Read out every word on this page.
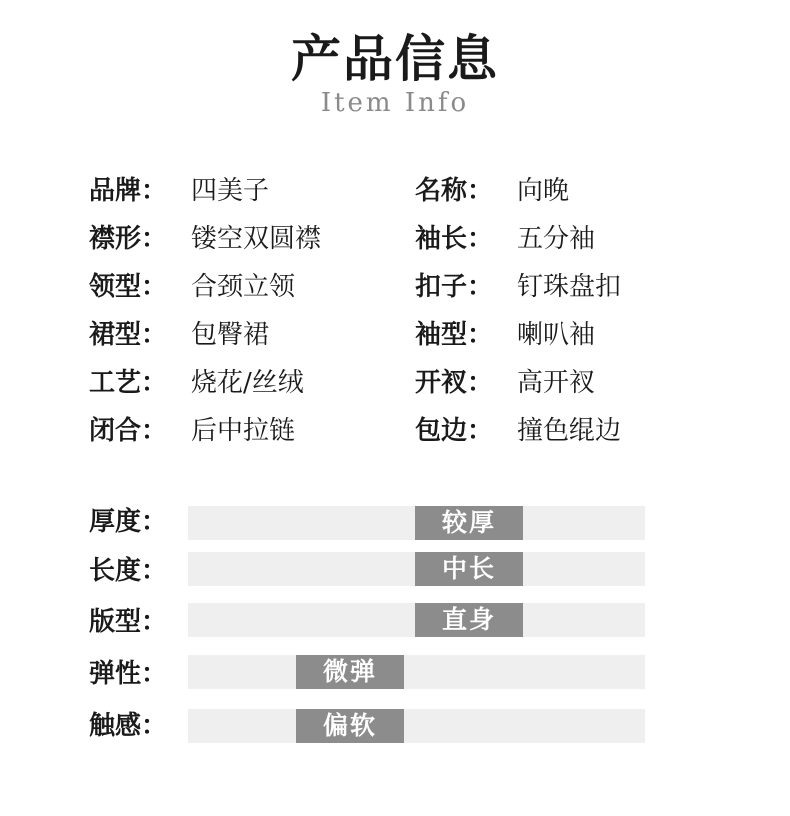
产品信息
Item Info
品牌： 四美子
襟形： 镂空双圆襟
领型： 合颈立领
裙型： 包臀裙
工艺： 烧花/丝绒
闭合： 后中拉链
名称： 向晚
袖长： 五分袖
扣子： 钉珠盘扣
袖型： 喇叭袖
开衩： 高开衩
包边： 撞色绲边
厚度：	较厚
长度：	中长
版型：	直身
弹性：	微弹
触感：	偏软
